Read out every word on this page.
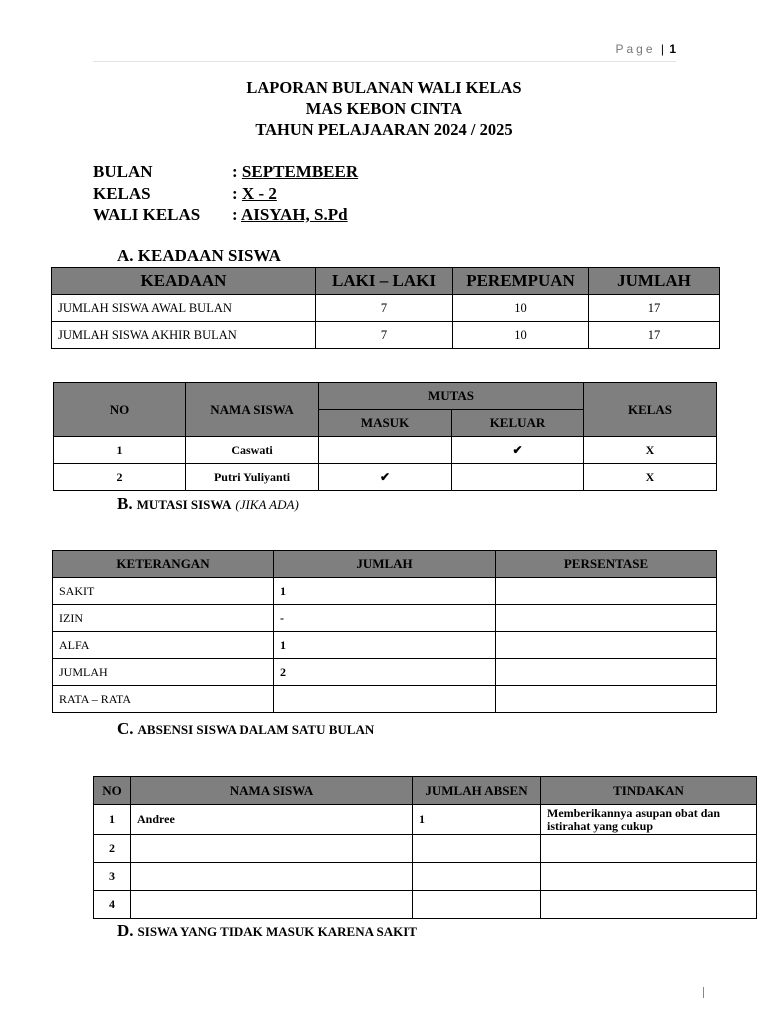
Page | 1
LAPORAN BULANAN WALI KELAS
MAS KEBON CINTA
TAHUN PELAJAARAN 2024 / 2025
BULAN	: SEPTEMBEER
KELAS	: X - 2
WALI KELAS : AISYAH, S.Pd
A. KEADAAN SISWA
KEADAAN	LAKI – LAKI	PEREMPUAN	JUMLAH
JUMLAH SISWA AWAL BULAN	7	10	17
JUMLAH SISWA AKHIR BULAN	7	10	17
NO	NAMA SISWA	MUTAS		KELAS
		MASUK	KELUAR	
1	Caswati		✔	X
2	Putri Yuliyanti	✔		X
B. MUTASI SISWA (JIKA ADA)
KETERANGAN	JUMLAH	PERSENTASE
SAKIT	1	
IZIN	-	
ALFA	1	
JUMLAH	2	
RATA – RATA		
C. ABSENSI SISWA DALAM SATU BULAN
NO	NAMA SISWA	JUMLAH ABSEN	TINDAKAN
1	Andree	1	Memberikannya asupan obat dan istirahat yang cukup
2			
3			
4			
D. SISWA YANG TIDAK MASUK KARENA SAKIT
